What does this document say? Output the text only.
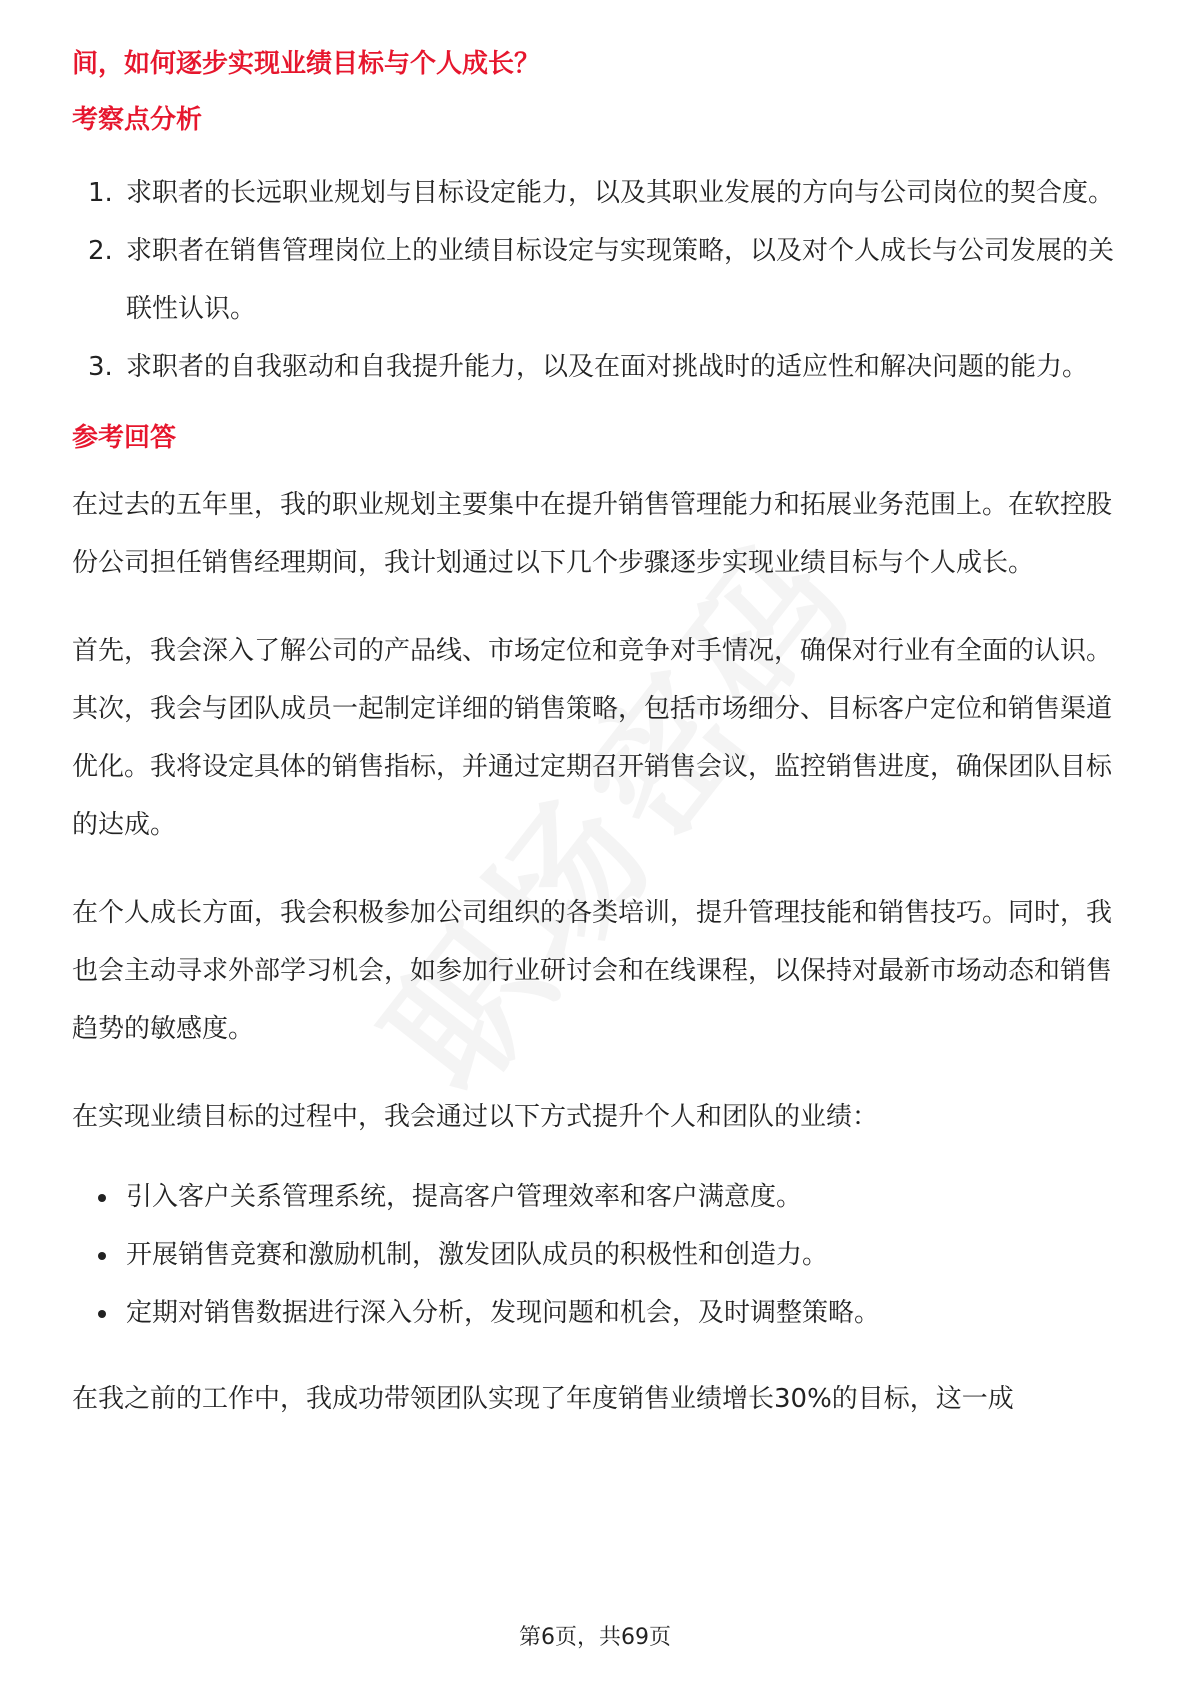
间，如何逐步实现业绩目标与个人成长？
考察点分析
1. 求职者的长远职业规划与目标设定能力，以及其职业发展的方向与公司岗位的契合度。
2. 求职者在销售管理岗位上的业绩目标设定与实现策略，以及对个人成长与公司发展的关联性认识。
3. 求职者的自我驱动和自我提升能力，以及在面对挑战时的适应性和解决问题的能力。
参考回答

在过去的五年里，我的职业规划主要集中在提升销售管理能力和拓展业务范围上。在软控股份公司担任销售经理期间，我计划通过以下几个步骤逐步实现业绩目标与个人成长。

首先，我会深入了解公司的产品线、市场定位和竞争对手情况，确保对行业有全面的认识。其次，我会与团队成员一起制定详细的销售策略，包括市场细分、目标客户定位和销售渠道优化。我将设定具体的销售指标，并通过定期召开销售会议，监控销售进度，确保团队目标的达成。

在个人成长方面，我会积极参加公司组织的各类培训，提升管理技能和销售技巧。同时，我也会主动寻求外部学习机会，如参加行业研讨会和在线课程，以保持对最新市场动态和销售趋势的敏感度。

在实现业绩目标的过程中，我会通过以下方式提升个人和团队的业绩：

引入客户关系管理系统，提高客户管理效率和客户满意度。
开展销售竞赛和激励机制，激发团队成员的积极性和创造力。
定期对销售数据进行深入分析，发现问题和机会，及时调整策略。

在我之前的工作中，我成功带领团队实现了年度销售业绩增长30%的目标，这一成

第6页，共69页
